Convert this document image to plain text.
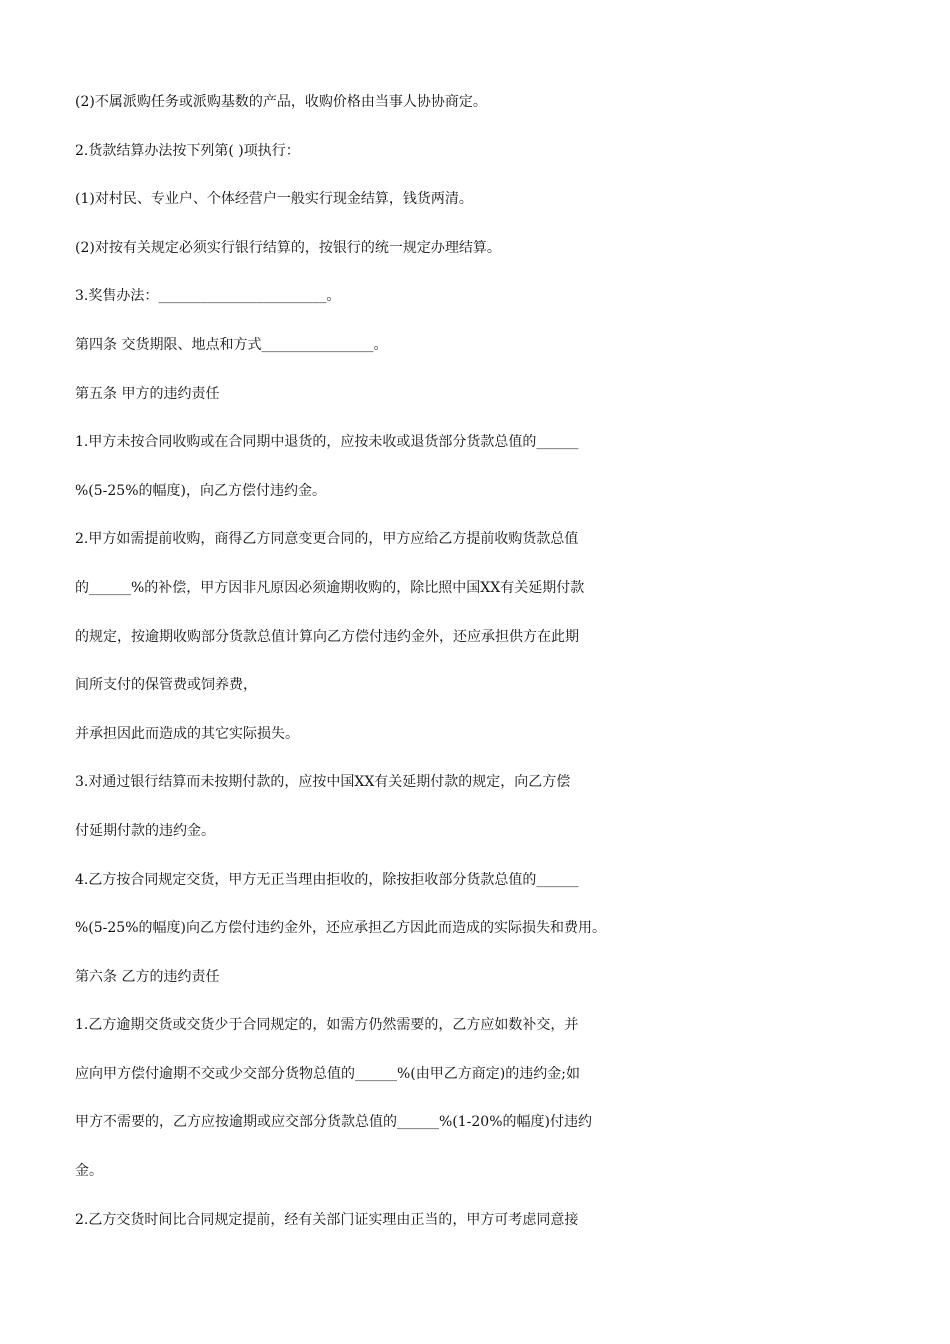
(2)不属派购任务或派购基数的产品，收购价格由当事人协协商定。
2.货款结算办法按下列第( )项执行：
(1)对村民、专业户、个体经营户一般实行现金结算，钱货两清。
(2)对按有关规定必须实行银行结算的，按银行的统一规定办理结算。
3.奖售办法：________________________。
第四条 交货期限、地点和方式________________。
第五条 甲方的违约责任
1.甲方未按合同收购或在合同期中退货的，应按未收或退货部分货款总值的______
%(5-25%的幅度)，向乙方偿付违约金。
2.甲方如需提前收购，商得乙方同意变更合同的，甲方应给乙方提前收购货款总值
的______%的补偿，甲方因非凡原因必须逾期收购的，除比照中国XX有关延期付款
的规定，按逾期收购部分货款总值计算向乙方偿付违约金外，还应承担供方在此期
间所支付的保管费或饲养费，
并承担因此而造成的其它实际损失。
3.对通过银行结算而未按期付款的，应按中国XX有关延期付款的规定，向乙方偿
付延期付款的违约金。
4.乙方按合同规定交货，甲方无正当理由拒收的，除按拒收部分货款总值的______
%(5-25%的幅度)向乙方偿付违约金外，还应承担乙方因此而造成的实际损失和费用。
第六条 乙方的违约责任
1.乙方逾期交货或交货少于合同规定的，如需方仍然需要的，乙方应如数补交，并
应向甲方偿付逾期不交或少交部分货物总值的______%(由甲乙方商定)的违约金;如
甲方不需要的，乙方应按逾期或应交部分货款总值的______%(1-20%的幅度)付违约
金。
2.乙方交货时间比合同规定提前，经有关部门证实理由正当的，甲方可考虑同意接
